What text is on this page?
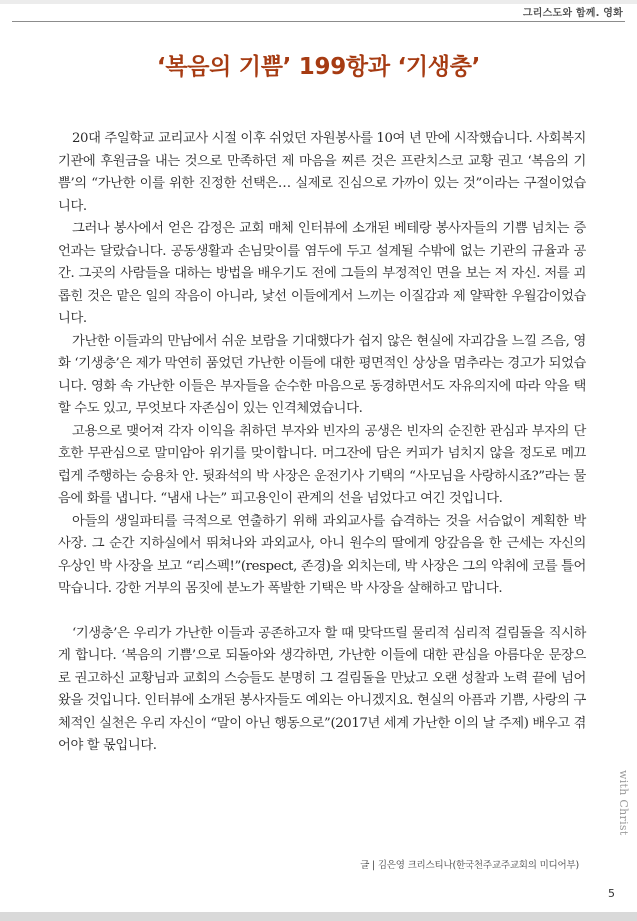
그리스도와 함께. 영화
‘복음의 기쁨’ 199항과 ‘기생충’

20대 주일학교 교리교사 시절 이후 쉬었던 자원봉사를 10여 년 만에 시작했습니다. 사회복지 기관에 후원금을 내는 것으로 만족하던 제 마음을 찌른 것은 프란치스코 교황 권고 ‘복음의 기쁨’의 “가난한 이를 위한 진정한 선택은… 실제로 진심으로 가까이 있는 것”이라는 구절이었습니다.

그러나 봉사에서 얻은 감정은 교회 매체 인터뷰에 소개된 베테랑 봉사자들의 기쁨 넘치는 증언과는 달랐습니다. 공동생활과 손님맞이를 염두에 두고 설계될 수밖에 없는 기관의 규율과 공간. 그곳의 사람들을 대하는 방법을 배우기도 전에 그들의 부정적인 면을 보는 저 자신. 저를 괴롭힌 것은 맡은 일의 작음이 아니라, 낯선 이들에게서 느끼는 이질감과 제 얄팍한 우월감이었습니다.

가난한 이들과의 만남에서 쉬운 보람을 기대했다가 쉽지 않은 현실에 자괴감을 느낄 즈음, 영화 ‘기생충’은 제가 막연히 품었던 가난한 이들에 대한 평면적인 상상을 멈추라는 경고가 되었습니다. 영화 속 가난한 이들은 부자들을 순수한 마음으로 동경하면서도 자유의지에 따라 악을 택할 수도 있고, 무엇보다 자존심이 있는 인격체였습니다.

고용으로 맺어져 각자 이익을 취하던 부자와 빈자의 공생은 빈자의 순진한 관심과 부자의 단호한 무관심으로 말미암아 위기를 맞이합니다. 머그잔에 담은 커피가 넘치지 않을 정도로 메끄럽게 주행하는 승용차 안. 뒷좌석의 박 사장은 운전기사 기택의 “사모님을 사랑하시죠?”라는 물음에 화를 냅니다. “냄새 나는” 피고용인이 관계의 선을 넘었다고 여긴 것입니다.

아들의 생일파티를 극적으로 연출하기 위해 과외교사를 습격하는 것을 서슴없이 계획한 박 사장. 그 순간 지하실에서 뛰쳐나와 과외교사, 아니 원수의 딸에게 앙갚음을 한 근세는 자신의 우상인 박 사장을 보고 “리스펙!”(respect, 존경)을 외치는데, 박 사장은 그의 악취에 코를 틀어막습니다. 강한 거부의 몸짓에 분노가 폭발한 기택은 박 사장을 살해하고 맙니다.

‘기생충’은 우리가 가난한 이들과 공존하고자 할 때 맞닥뜨릴 물리적 심리적 걸림돌을 직시하게 합니다. ‘복음의 기쁨’으로 되돌아와 생각하면, 가난한 이들에 대한 관심을 아름다운 문장으로 권고하신 교황님과 교회의 스승들도 분명히 그 걸림돌을 만났고 오랜 성찰과 노력 끝에 넘어왔을 것입니다. 인터뷰에 소개된 봉사자들도 예외는 아니겠지요. 현실의 아픔과 기쁨, 사랑의 구체적인 실천은 우리 자신이 “말이 아닌 행동으로”(2017년 세계 가난한 이의 날 주제) 배우고 겪어야 할 몫입니다.

글 | 김은영 크리스티나(한국천주교주교회의 미디어부)
with Christ
5
